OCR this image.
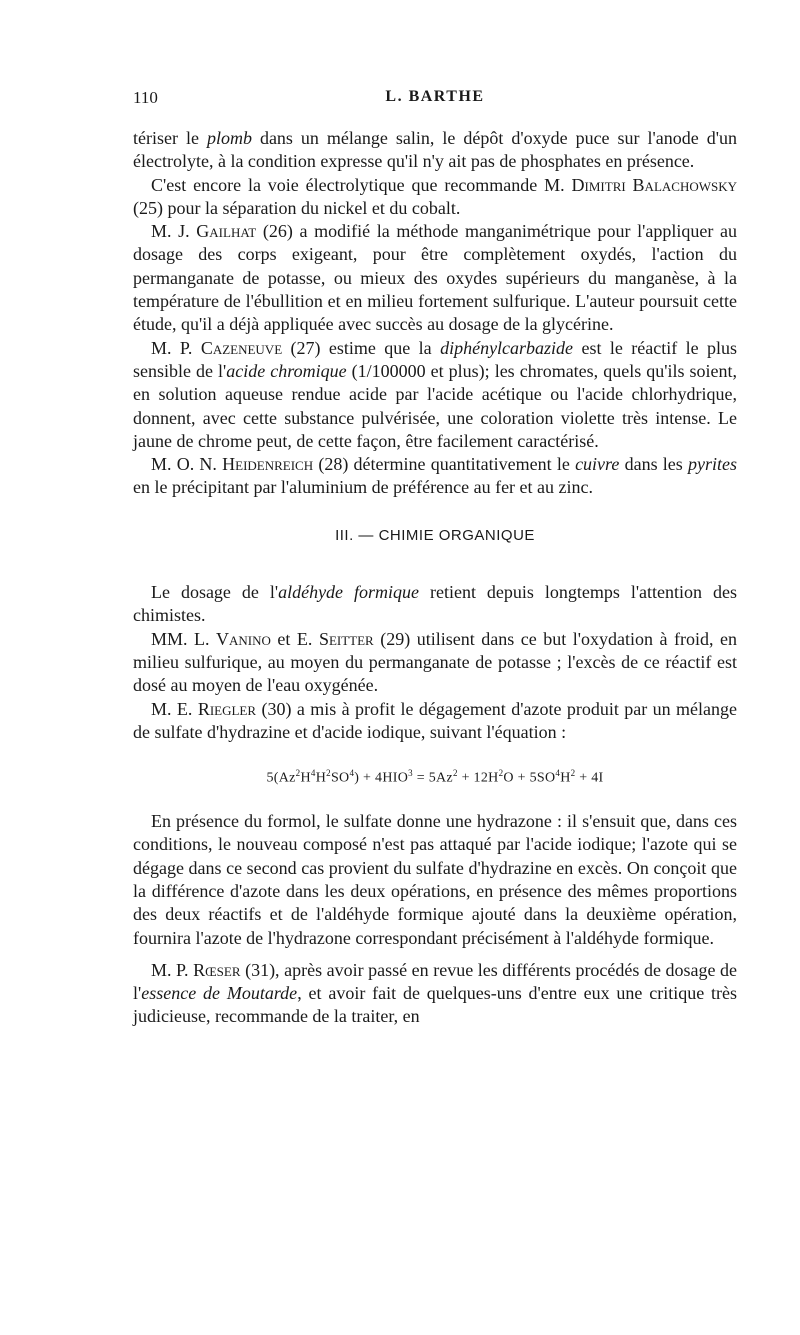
110	L. BARTHE

tériser le plomb dans un mélange salin, le dépôt d'oxyde puce sur l'anode d'un électrolyte, à la condition expresse qu'il n'y ait pas de phosphates en présence.

C'est encore la voie électrolytique que recommande M. Dimitri Balachowsky (25) pour la séparation du nickel et du cobalt.

M. J. Gailhat (26) a modifié la méthode manganimétrique pour l'appliquer au dosage des corps exigeant, pour être complètement oxydés, l'action du permanganate de potasse, ou mieux des oxydes supérieurs du manganèse, à la température de l'ébullition et en milieu fortement sulfurique. L'auteur poursuit cette étude, qu'il a déjà appliquée avec succès au dosage de la glycérine.

M. P. Cazeneuve (27) estime que la diphénylcarbazide est le réactif le plus sensible de l'acide chromique (1/100000 et plus); les chromates, quels qu'ils soient, en solution aqueuse rendue acide par l'acide acétique ou l'acide chlorhydrique, donnent, avec cette substance pulvérisée, une coloration violette très intense. Le jaune de chrome peut, de cette façon, être facilement caractérisé.

M. O. N. Heidenreich (28) détermine quantitativement le cuivre dans les pyrites en le précipitant par l'aluminium de préférence au fer et au zinc.

III. — CHIMIE ORGANIQUE

Le dosage de l'aldéhyde formique retient depuis longtemps l'attention des chimistes.

MM. L. Vanino et E. Seitter (29) utilisent dans ce but l'oxydation à froid, en milieu sulfurique, au moyen du permanganate de potasse ; l'excès de ce réactif est dosé au moyen de l'eau oxygénée.

M. E. Riegler (30) a mis à profit le dégagement d'azote produit par un mélange de sulfate d'hydrazine et d'acide iodique, suivant l'équation :

$5(Az^2H^4H^2SO^4) + 4HIO^3 = 5Az^2 + 12H^2O + 5SO^4H^2 + 4I$

En présence du formol, le sulfate donne une hydrazone : il s'ensuit que, dans ces conditions, le nouveau composé n'est pas attaqué par l'acide iodique; l'azote qui se dégage dans ce second cas provient du sulfate d'hydrazine en excès. On conçoit que la différence d'azote dans les deux opérations, en présence des mêmes proportions des deux réactifs et de l'aldéhyde formique ajouté dans la deuxième opération, fournira l'azote de l'hydrazone correspondant précisément à l'aldéhyde formique.

M. P. Rœser (31), après avoir passé en revue les différents procédés de dosage de l'essence de Moutarde, et avoir fait de quelques-uns d'entre eux une critique très judicieuse, recommande de la traiter, en
